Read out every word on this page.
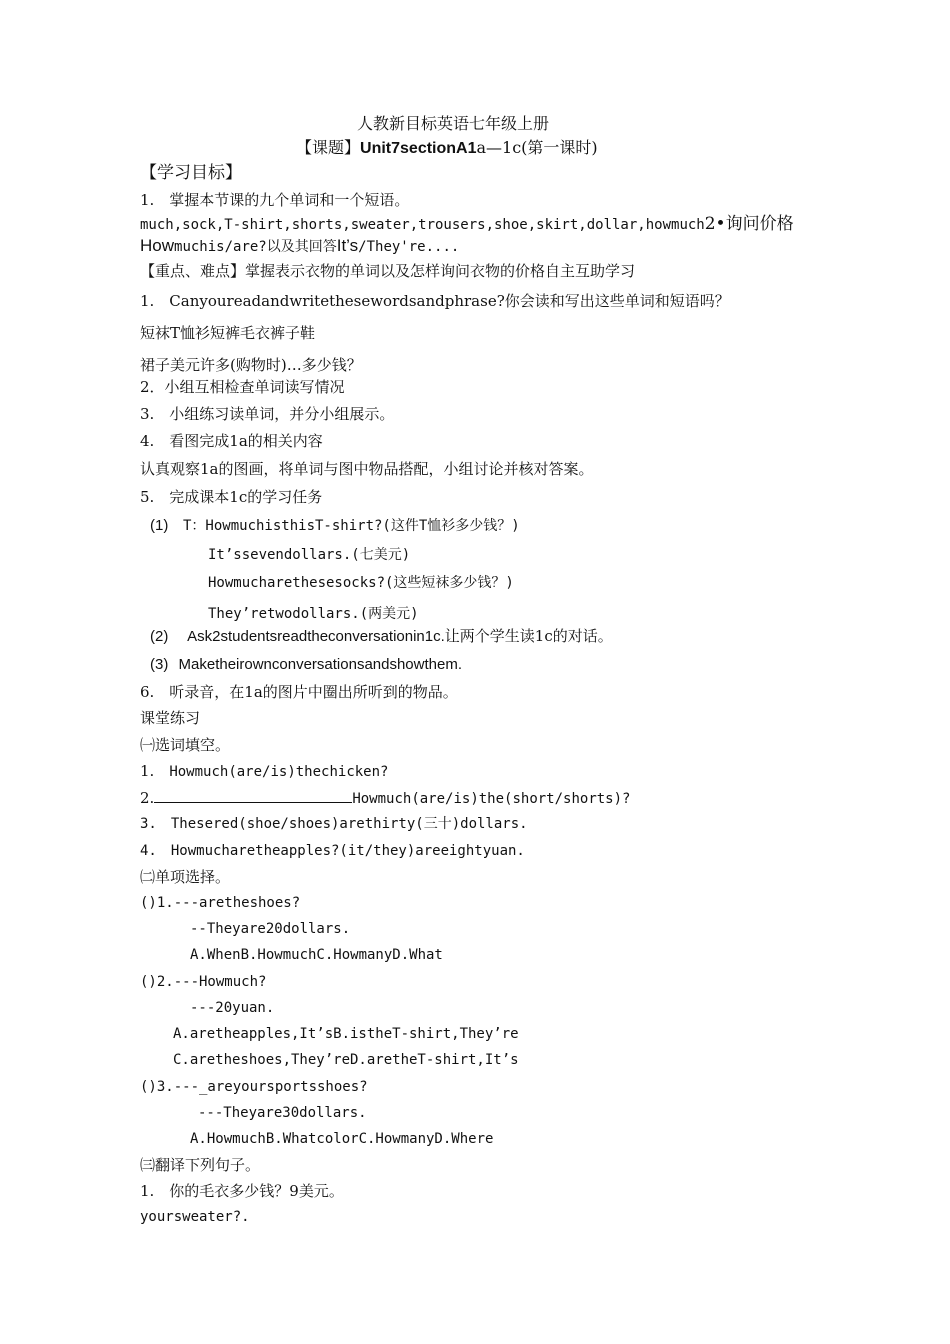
人教新目标英语七年级上册
【课题】Unit7sectionA1a—1c(第一课时)
【学习目标】
1.　掌握本节课的九个单词和一个短语。
much,sock,T-shirt,shorts,sweater,trousers,shoe,skirt,dollar,howmuch2•询问价格
Howmuchis/are?以及其回答It’s/They're....
【重点、难点】掌握表示衣物的单词以及怎样询问衣物的价格自主互助学习
1.　Canyoureadandwritethesewordsandphrase?你会读和写出这些单词和短语吗？
短袜T恤衫短裤毛衣裤子鞋
裙子美元许多(购物时)…多少钱？
2．小组互相检查单词读写情况
3.　小组练习读单词，并分小组展示。
4.　看图完成1a的相关内容
认真观察1a的图画，将单词与图中物品搭配，小组讨论并核对答案。
5.　完成课本1c的学习任务
(1) T：HowmuchisthisT-shirt?(这件T恤衫多少钱？)
It’ssevendollars.(七美元)
Howmucharethesesocks?(这些短袜多少钱？)
They’retwodollars.(两美元)
(2) Ask2studentsreadtheconversationin1c.让两个学生读1c的对话。
(3) Maketheirownconversationsandshowthem.
6.　听录音，在1a的图片中圈出所听到的物品。
课堂练习
㈠选词填空。
1.　Howmuch(are/is)thechicken?
2.	Howmuch(are/is)the(short/shorts)?
3.　Thesered(shoe/shoes)arethirty(三十)dollars.
4.　Howmucharetheapples?(it/they)areeightyuan.
㈡单项选择。
()1.---aretheshoes?
--Theyare20dollars.
A.WhenB.HowmuchC.HowmanyD.What
()2.---Howmuch?
---20yuan.
A.aretheapples,It’sB.istheT-shirt,They’re
C.aretheshoes,They’reD.aretheT-shirt,It’s
()3.---_areyoursportsshoes?
---Theyare30dollars.
A.HowmuchB.WhatcolorC.HowmanyD.Where
㈢翻译下列句子。
1.　你的毛衣多少钱？9美元。
yoursweater?.
